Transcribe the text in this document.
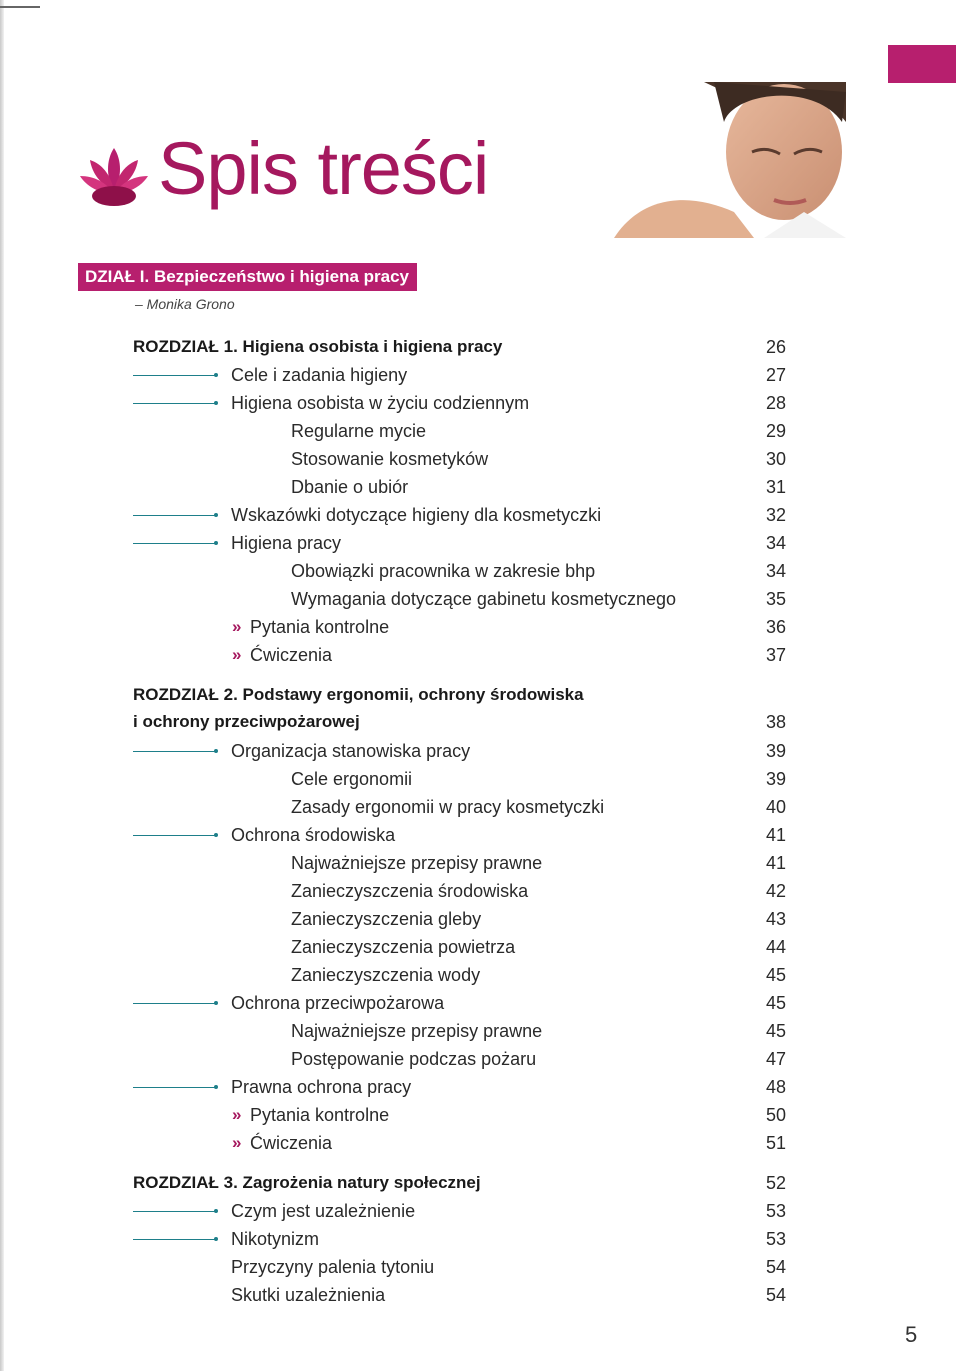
Spis treści
DZIAŁ I. Bezpieczeństwo i higiena pracy
– Monika Grono
ROZDZIAŁ 1. Higiena osobista i higiena pracy	26
Cele i zadania higieny	27
Higiena osobista w życiu codziennym	28
Regularne mycie	29
Stosowanie kosmetyków	30
Dbanie o ubiór	31
Wskazówki dotyczące higieny dla kosmetyczki	32
Higiena pracy	34
Obowiązki pracownika w zakresie bhp	34
Wymagania dotyczące gabinetu kosmetycznego	35
» Pytania kontrolne	36
» Ćwiczenia	37
ROZDZIAŁ 2. Podstawy ergonomii, ochrony środowiska
i ochrony przeciwpożarowej	38
Organizacja stanowiska pracy	39
Cele ergonomii	39
Zasady ergonomii w pracy kosmetyczki	40
Ochrona środowiska	41
Najważniejsze przepisy prawne	41
Zanieczyszczenia środowiska	42
Zanieczyszczenia gleby	43
Zanieczyszczenia powietrza	44
Zanieczyszczenia wody	45
Ochrona przeciwpożarowa	45
Najważniejsze przepisy prawne	45
Postępowanie podczas pożaru	47
Prawna ochrona pracy	48
» Pytania kontrolne	50
» Ćwiczenia	51
ROZDZIAŁ 3. Zagrożenia natury społecznej	52
Czym jest uzależnienie	53
Nikotynizm	53
Przyczyny palenia tytoniu	54
Skutki uzależnienia	54
5
